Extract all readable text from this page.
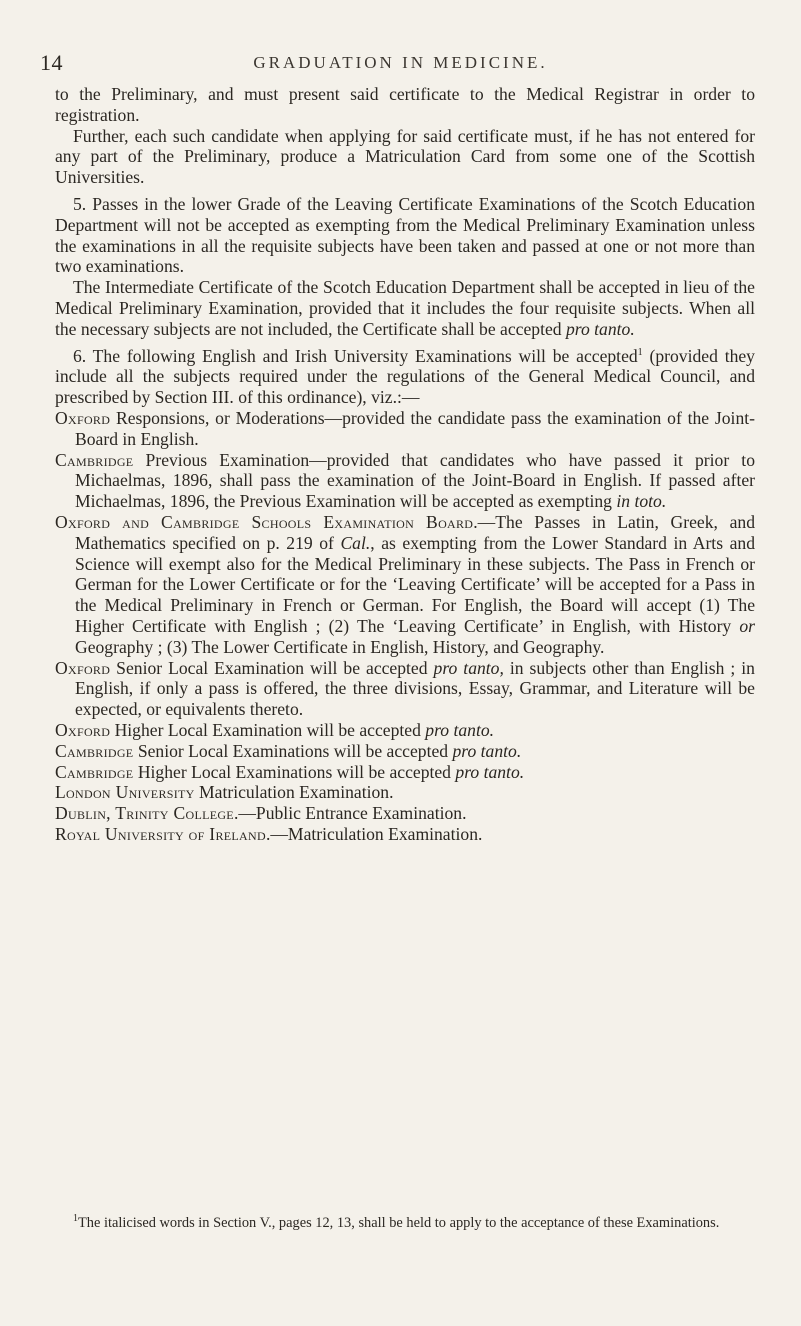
14	GRADUATION IN MEDICINE.

to the Preliminary, and must present said certificate to the Medical Registrar in order to registration.

Further, each such candidate when applying for said certificate must, if he has not entered for any part of the Preliminary, produce a Matriculation Card from some one of the Scottish Universities.

5. Passes in the lower Grade of the Leaving Certificate Examinations of the Scotch Education Department will not be accepted as exempting from the Medical Preliminary Examination unless the examinations in all the requisite subjects have been taken and passed at one or not more than two examinations.

The Intermediate Certificate of the Scotch Education Department shall be accepted in lieu of the Medical Preliminary Examination, provided that it includes the four requisite subjects. When all the necessary subjects are not included, the Certificate shall be accepted pro tanto.

6. The following English and Irish University Examinations will be accepted$^1$ (provided they include all the subjects required under the regulations of the General Medical Council, and prescribed by Section III. of this ordinance), viz.:—

Oxford Responsions, or Moderations—provided the candidate pass the examination of the Joint-Board in English.

Cambridge Previous Examination—provided that candidates who have passed it prior to Michaelmas, 1896, shall pass the examination of the Joint-Board in English. If passed after Michaelmas, 1896, the Previous Examination will be accepted as exempting in toto.

Oxford and Cambridge Schools Examination Board.—The Passes in Latin, Greek, and Mathematics specified on p. 219 of Cal., as exempting from the Lower Standard in Arts and Science will exempt also for the Medical Preliminary in these subjects. The Pass in French or German for the Lower Certificate or for the ‘Leaving Certificate’ will be accepted for a Pass in the Medical Preliminary in French or German. For English, the Board will accept (1) The Higher Certificate with English ; (2) The ‘Leaving Certificate’ in English, with History or Geography ; (3) The Lower Certificate in English, History, and Geography.

Oxford Senior Local Examination will be accepted pro tanto, in subjects other than English ; in English, if only a pass is offered, the three divisions, Essay, Grammar, and Literature will be expected, or equivalents thereto.

Oxford Higher Local Examination will be accepted pro tanto.

Cambridge Senior Local Examinations will be accepted pro tanto.

Cambridge Higher Local Examinations will be accepted pro tanto.

London University Matriculation Examination.

Dublin, Trinity College.—Public Entrance Examination.

Royal University of Ireland.—Matriculation Examination.

$^1$The italicised words in Section V., pages 12, 13, shall be held to apply to the acceptance of these Examinations.
